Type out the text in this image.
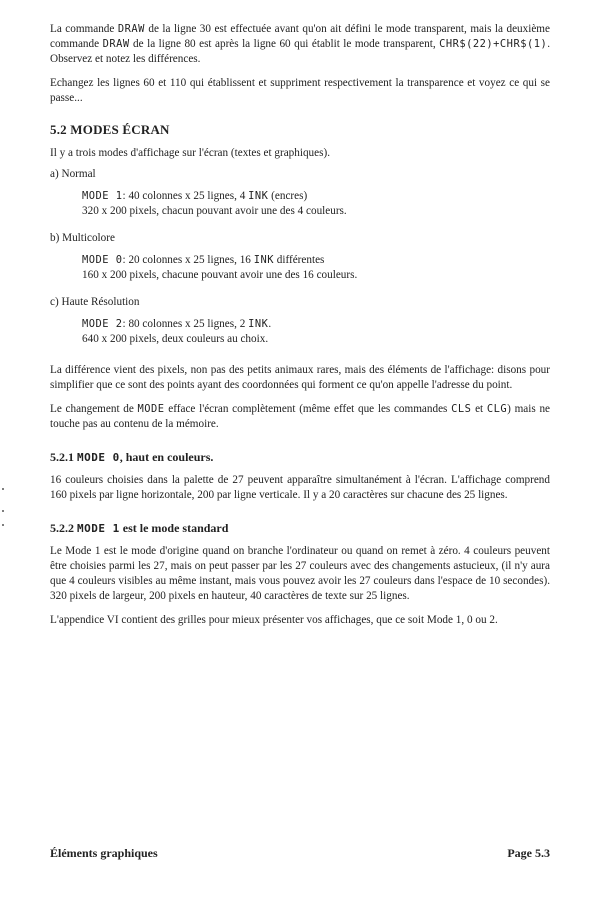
La commande DRAW de la ligne 30 est effectuée avant qu'on ait défini le mode transparent, mais la deuxième commande DRAW de la ligne 80 est après la ligne 60 qui établit le mode transparent, CHR$(22)+CHR$(1). Observez et notez les différences.

Echangez les lignes 60 et 110 qui établissent et suppriment respectivement la transparence et voyez ce qui se passe...

5.2 MODES ÉCRAN

Il y a trois modes d'affichage sur l'écran (textes et graphiques).

a) Normal
MODE 1: 40 colonnes x 25 lignes, 4 INK (encres)
320 x 200 pixels, chacun pouvant avoir une des 4 couleurs.
b) Multicolore
MODE 0: 20 colonnes x 25 lignes, 16 INK différentes
160 x 200 pixels, chacune pouvant avoir une des 16 couleurs.
c) Haute Résolution
MODE 2: 80 colonnes x 25 lignes, 2 INK.
640 x 200 pixels, deux couleurs au choix.

La différence vient des pixels, non pas des petits animaux rares, mais des éléments de l'affichage: disons pour simplifier que ce sont des points ayant des coordonnées qui forment ce qu'on appelle l'adresse du point.

Le changement de MODE efface l'écran complètement (même effet que les commandes CLS et CLG) mais ne touche pas au contenu de la mémoire.

5.2.1 MODE 0, haut en couleurs.

16 couleurs choisies dans la palette de 27 peuvent apparaître simultanément à l'écran. L'affichage comprend 160 pixels par ligne horizontale, 200 par ligne verticale. Il y a 20 caractères sur chacune des 25 lignes.

5.2.2 MODE 1 est le mode standard

Le Mode 1 est le mode d'origine quand on branche l'ordinateur ou quand on remet à zéro. 4 couleurs peuvent être choisies parmi les 27, mais on peut passer par les 27 couleurs avec des changements astucieux, (il n'y aura que 4 couleurs visibles au même instant, mais vous pouvez avoir les 27 couleurs dans l'espace de 10 secondes). 320 pixels de largeur, 200 pixels en hauteur, 40 caractères de texte sur 25 lignes.

L'appendice VI contient des grilles pour mieux présenter vos affichages, que ce soit Mode 1, 0 ou 2.

Éléments graphiques	Page 5.3
